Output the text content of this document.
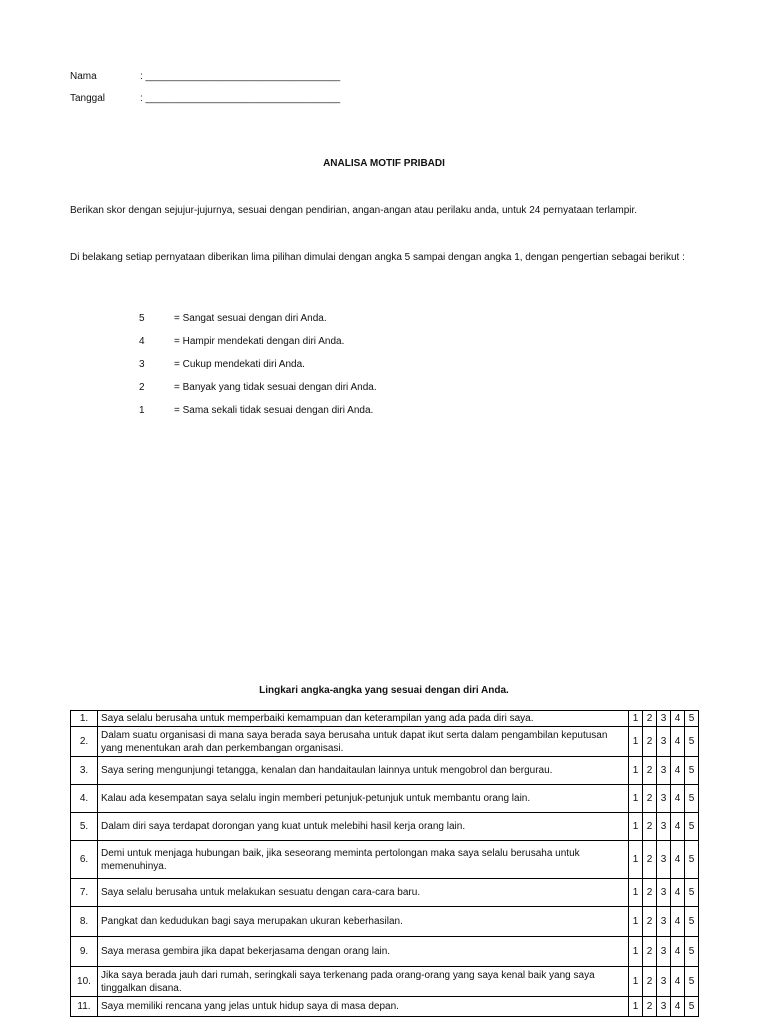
Nama	: ___________________________________
Tanggal	: ___________________________________
ANALISA MOTIF PRIBADI
Berikan skor dengan sejujur-jujurnya, sesuai dengan pendirian, angan-angan atau perilaku anda, untuk 24 pernyataan terlampir.
Di belakang setiap pernyataan diberikan lima pilihan dimulai dengan angka 5 sampai dengan angka 1, dengan pengertian sebagai berikut :
5	= Sangat sesuai dengan diri Anda.
4	= Hampir mendekati dengan diri Anda.
3	= Cukup mendekati diri Anda.
2	= Banyak yang tidak sesuai dengan diri Anda.
1	= Sama sekali tidak sesuai dengan diri Anda.
Lingkari angka-angka yang sesuai dengan diri Anda.
1.	Saya selalu berusaha untuk memperbaiki kemampuan dan keterampilan yang ada pada diri saya.	1	2	3	4	5
2.	Dalam suatu organisasi di mana saya berada saya berusaha untuk dapat ikut serta dalam pengambilan keputusan yang menentukan arah dan perkembangan organisasi.	1	2	3	4	5
3.	Saya sering mengunjungi tetangga, kenalan dan handaitaulan lainnya untuk mengobrol dan bergurau.	1	2	3	4	5
4.	Kalau ada kesempatan saya selalu ingin memberi petunjuk-petunjuk untuk membantu orang lain.	1	2	3	4	5
5.	Dalam diri saya terdapat dorongan yang kuat untuk melebihi hasil kerja orang lain.	1	2	3	4	5
6.	Demi untuk menjaga hubungan baik, jika seseorang meminta pertolongan maka saya selalu berusaha untuk memenuhinya.	1	2	3	4	5
7.	Saya selalu berusaha untuk melakukan sesuatu dengan cara-cara baru.	1	2	3	4	5
8.	Pangkat dan kedudukan bagi saya merupakan ukuran keberhasilan.	1	2	3	4	5
9.	Saya merasa gembira jika dapat bekerjasama dengan orang lain.	1	2	3	4	5
10.	Jika saya berada jauh dari rumah, seringkali saya terkenang pada orang-orang yang saya kenal baik yang saya tinggalkan disana.	1	2	3	4	5
11.	Saya memiliki rencana yang jelas untuk hidup saya di masa depan.	1	2	3	4	5
